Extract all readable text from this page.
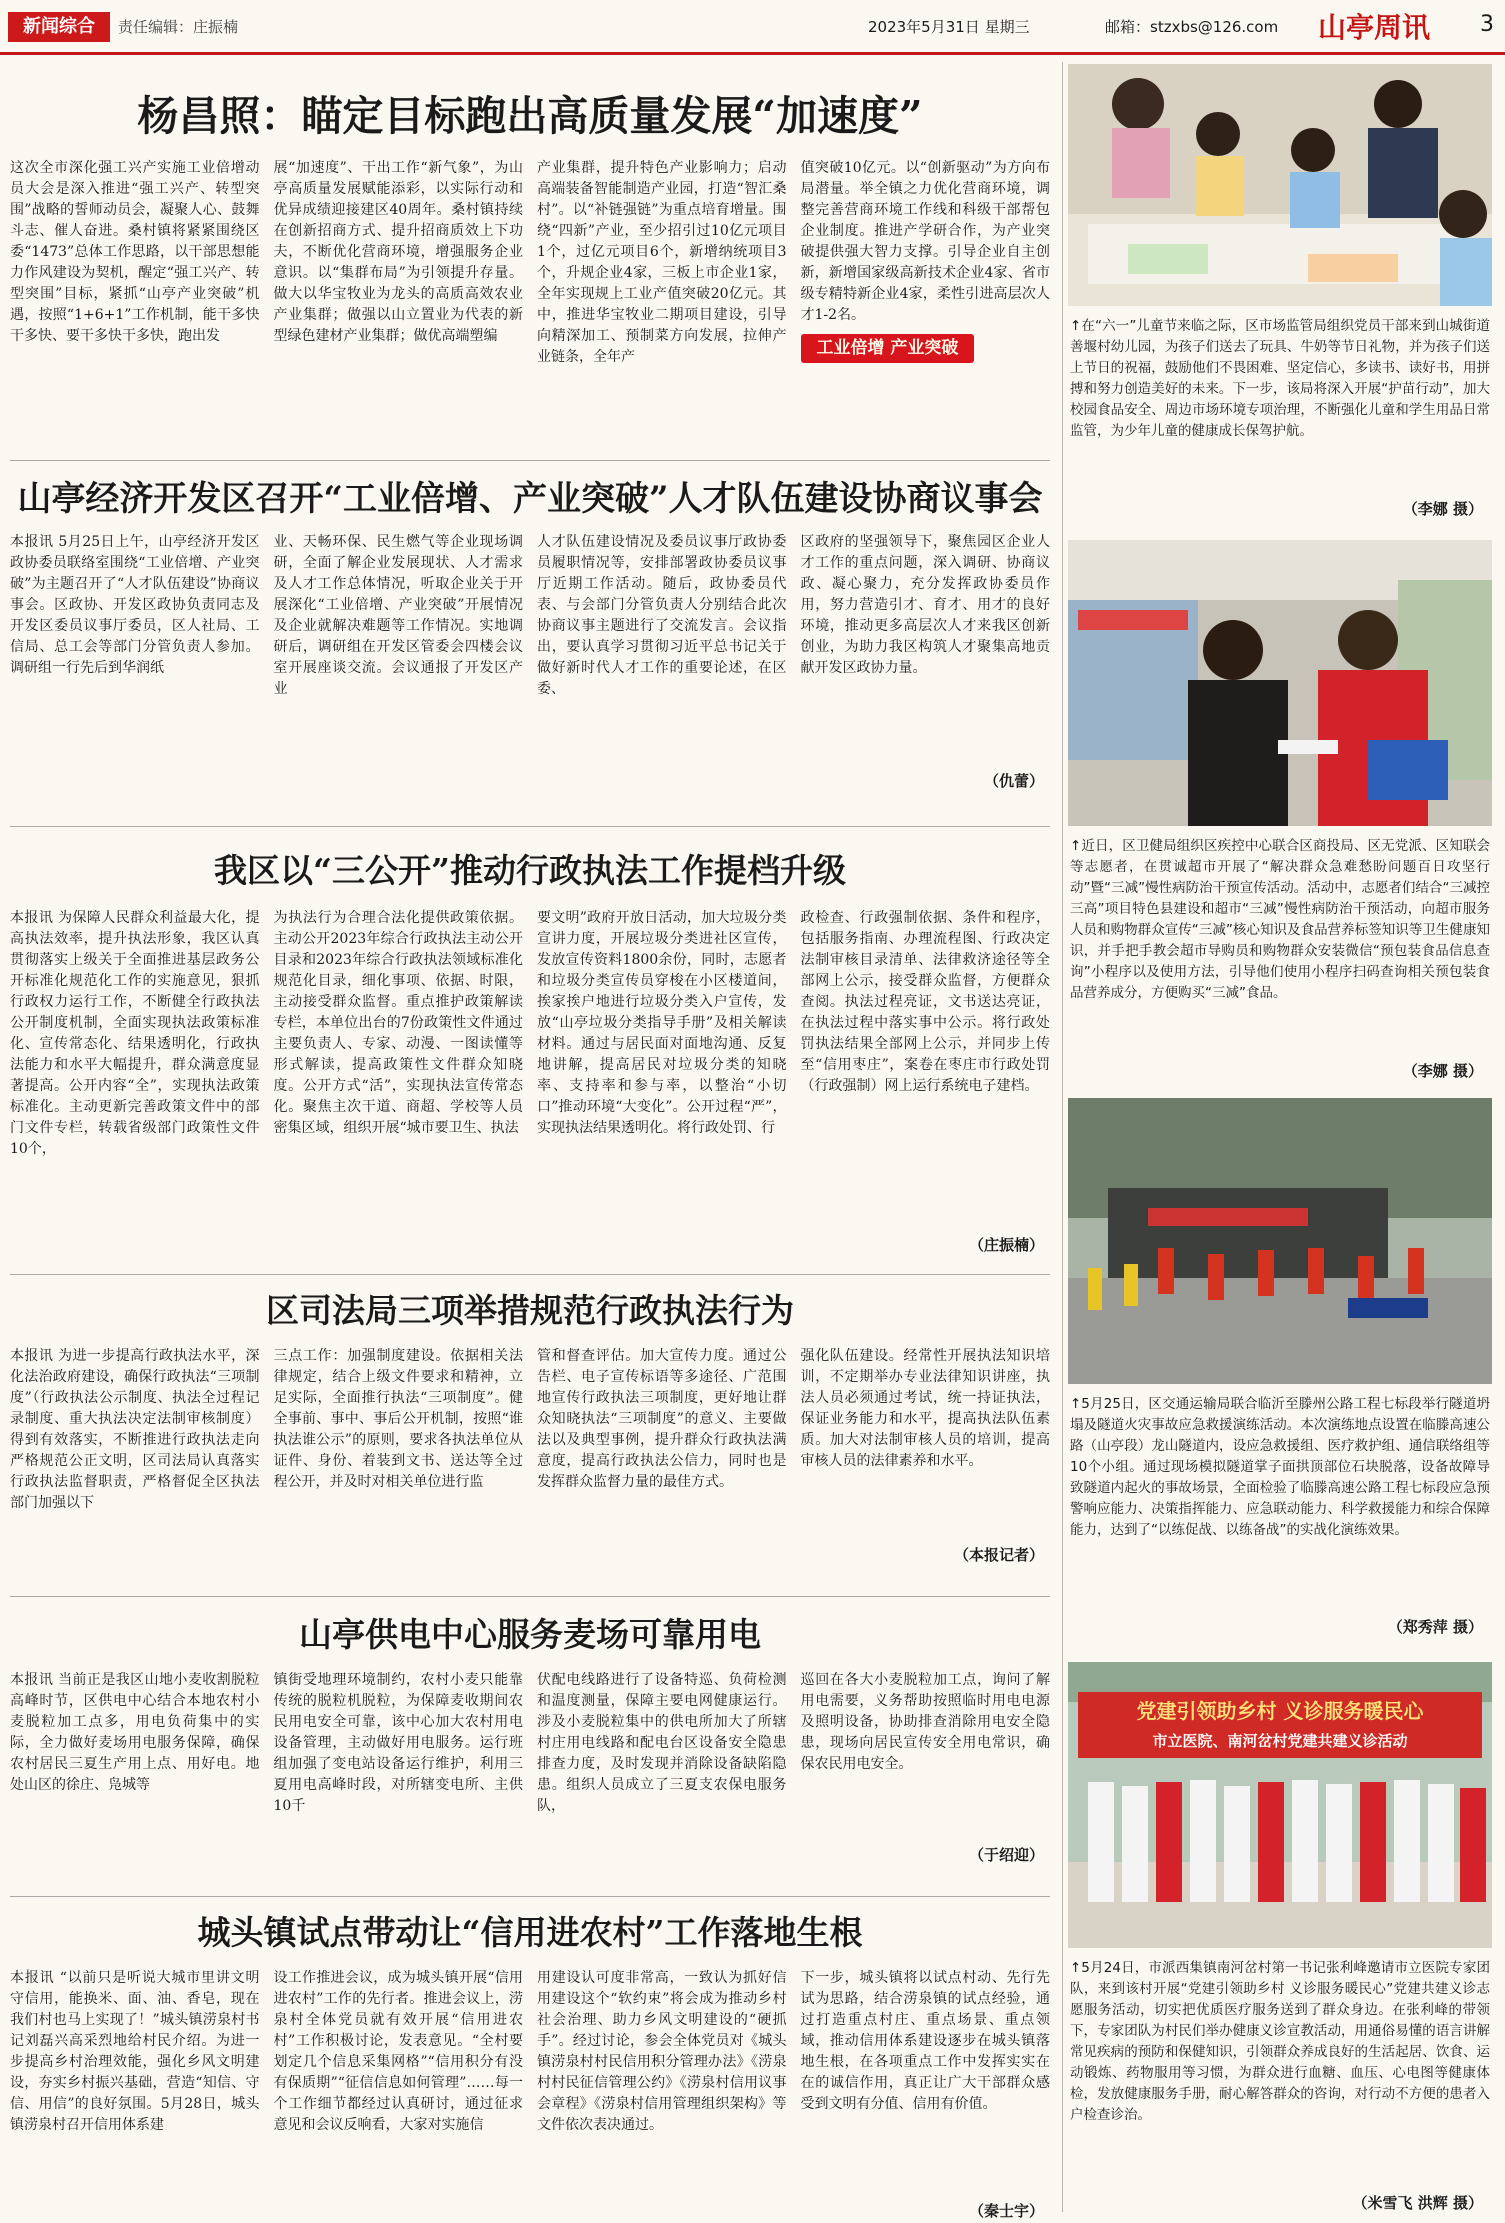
新闻综合	责任编辑：庄振楠	2023年5月31日 星期三	邮箱：stzxbs@126.com 山亭周讯 3
杨昌照：瞄定目标跑出高质量发展“加速度”
这次全市深化强工兴产实施工业倍增动员大会是深入推进“强工兴产、转型突围”战略的誓师动员会，凝聚人心、鼓舞斗志、催人奋进。桑村镇将紧紧围绕区委“1473”总体工作思路，以干部思想能力作风建设为契机，醒定“强工兴产、转型突围”目标，紧抓“山亭产业突破”机遇，按照“1+6+1”工作机制，能干多快干多快、要干多快干多快，跑出发
展“加速度”、干出工作“新气象”，为山亭高质量发展赋能添彩，以实际行动和优异成绩迎接建区40周年。桑村镇持续在创新招商方式、提升招商质效上下功夫，不断优化营商环境，增强服务企业意识。以“集群布局”为引领提升存量。做大以华宝牧业为龙头的高质高效农业产业集群；做强以山立置业为代表的新型绿色建材产业集群；做优高端塑编
产业集群，提升特色产业影响力；启动高端装备智能制造产业园，打造“智汇桑村”。以“补链强链”为重点培育增量。围绕“四新”产业，至少招引过10亿元项目1个，过亿元项目6个，新增纳统项目3个，升规企业4家，三板上市企业1家，全年实现规上工业产值突破20亿元。其中，推进华宝牧业二期项目建设，引导向精深加工、预制菜方向发展，拉伸产业链条，全年产
值突破10亿元。以“创新驱动”为方向布局潜量。举全镇之力优化营商环境，调整完善营商环境工作线和科级干部帮包企业制度。推进产学研合作，为产业突破提供强大智力支撑。引导企业自主创新，新增国家级高新技术企业4家、省市级专精特新企业4家，柔性引进高层次人才1-2名。
工业倍增 产业突破
山亭经济开发区召开“工业倍增、产业突破”人才队伍建设协商议事会
本报讯 5月25日上午，山亭经济开发区政协委员联络室围绕“工业倍增、产业突破”为主题召开了“人才队伍建设”协商议事会。区政协、开发区政协负责同志及开发区委员议事厅委员，区人社局、工信局、总工会等部门分管负责人参加。调研组一行先后到华润纸
业、天畅环保、民生燃气等企业现场调研，全面了解企业发展现状、人才需求及人才工作总体情况，听取企业关于开展深化“工业倍增、产业突破”开展情况及企业就解决难题等工作情况。实地调研后，调研组在开发区管委会四楼会议室开展座谈交流。会议通报了开发区产业
人才队伍建设情况及委员议事厅政协委员履职情况等，安排部署政协委员议事厅近期工作活动。随后，政协委员代表、与会部门分管负责人分别结合此次协商议事主题进行了交流发言。会议指出，要认真学习贯彻习近平总书记关于做好新时代人才工作的重要论述，在区委、
区政府的坚强领导下，聚焦园区企业人才工作的重点问题，深入调研、协商议政、凝心聚力，充分发挥政协委员作用，努力营造引才、育才、用才的良好环境，推动更多高层次人才来我区创新创业，为助力我区构筑人才聚集高地贡献开发区政协力量。
（仇蕾）
我区以“三公开”推动行政执法工作提档升级
本报讯 为保障人民群众利益最大化，提高执法效率，提升执法形象，我区认真贯彻落实上级关于全面推进基层政务公开标准化规范化工作的实施意见，狠抓行政权力运行工作，不断健全行政执法公开制度机制，全面实现执法政策标准化、宣传常态化、结果透明化，行政执法能力和水平大幅提升，群众满意度显著提高。公开内容“全”，实现执法政策标准化。主动更新完善政策文件中的部门文件专栏，转载省级部门政策性文件10个，
为执法行为合理合法化提供政策依据。主动公开2023年综合行政执法主动公开目录和2023年综合行政执法领域标准化规范化目录，细化事项、依据、时限，主动接受群众监督。重点推护政策解读专栏，本单位出台的7份政策性文件通过主要负责人、专家、动漫、一图读懂等形式解读，提高政策性文件群众知晓度。公开方式“活”，实现执法宣传常态化。聚焦主次干道、商超、学校等人员密集区域，组织开展“城市要卫生、执法
要文明”政府开放日活动，加大垃圾分类宣讲力度，开展垃圾分类进社区宣传，发放宣传资料1800余份，同时，志愿者和垃圾分类宣传员穿梭在小区楼道间，挨家挨户地进行垃圾分类入户宣传，发放“山亭垃圾分类指导手册”及相关解读材料。通过与居民面对面地沟通、反复地讲解，提高居民对垃圾分类的知晓率、支持率和参与率，以整治“小切口”推动环境“大变化”。公开过程“严”，实现执法结果透明化。将行政处罚、行
政检查、行政强制依据、条件和程序，包括服务指南、办理流程图、行政决定法制审核目录清单、法律救济途径等全部网上公示，接受群众监督，方便群众查阅。执法过程亮证，文书送达亮证，在执法过程中落实事中公示。将行政处罚执法结果全部网上公示，并同步上传至“信用枣庄”，案卷在枣庄市行政处罚（行政强制）网上运行系统电子建档。
（庄振楠）
区司法局三项举措规范行政执法行为
本报讯 为进一步提高行政执法水平，深化法治政府建设，确保行政执法“三项制度”（行政执法公示制度、执法全过程记录制度、重大执法决定法制审核制度）得到有效落实，不断推进行政执法走向严格规范公正文明，区司法局认真落实行政执法监督职责，严格督促全区执法部门加强以下
三点工作：加强制度建设。依据相关法律规定，结合上级文件要求和精神，立足实际，全面推行执法“三项制度”。健全事前、事中、事后公开机制，按照“谁执法谁公示”的原则，要求各执法单位从证件、身份、着装到文书、送达等全过程公开，并及时对相关单位进行监
管和督查评估。加大宣传力度。通过公告栏、电子宣传标语等多途径、广范围地宣传行政执法三项制度，更好地让群众知晓执法“三项制度”的意义、主要做法以及典型事例，提升群众行政执法满意度，提高行政执法公信力，同时也是发挥群众监督力量的最佳方式。
强化队伍建设。经常性开展执法知识培训，不定期举办专业法律知识讲座，执法人员必须通过考试，统一持证执法，保证业务能力和水平，提高执法队伍素质。加大对法制审核人员的培训，提高审核人员的法律素养和水平。
（本报记者）
山亭供电中心服务麦场可靠用电
本报讯 当前正是我区山地小麦收割脱粒高峰时节，区供电中心结合本地农村小麦脱粒加工点多，用电负荷集中的实际，全力做好麦场用电服务保障，确保农村居民三夏生产用上点、用好电。地处山区的徐庄、凫城等
镇街受地理环境制约，农村小麦只能靠传统的脱粒机脱粒，为保障麦收期间农民用电安全可靠，该中心加大农村用电设备管理，主动做好用电服务。运行班组加强了变电站设备运行维护，利用三夏用电高峰时段，对所辖变电所、主供10千
伏配电线路进行了设备特巡、负荷检测和温度测量，保障主要电网健康运行。涉及小麦脱粒集中的供电所加大了所辖村庄用电线路和配电台区设备安全隐患排查力度，及时发现并消除设备缺陷隐患。组织人员成立了三夏支农保电服务队，
巡回在各大小麦脱粒加工点，询问了解用电需要，义务帮助按照临时用电电源及照明设备，协助排查消除用电安全隐患，现场向居民宣传安全用电常识，确保农民用电安全。
（于绍迎）
城头镇试点带动让“信用进农村”工作落地生根
本报讯 “以前只是听说大城市里讲文明守信用，能换米、面、油、香皂，现在我们村也马上实现了！”城头镇涝泉村书记刘磊兴高采烈地给村民介绍。为进一步提高乡村治理效能，强化乡风文明建设，夯实乡村振兴基础，营造“知信、守信、用信”的良好氛围。5月28日，城头镇涝泉村召开信用体系建
设工作推进会议，成为城头镇开展“信用进农村”工作的先行者。推进会议上，涝泉村全体党员就有效开展“信用进农村”工作积极讨论，发表意见。“全村要划定几个信息采集网格”“信用积分有没有保质期”“征信信息如何管理”……每一个工作细节都经过认真研讨，通过征求意见和会议反响看，大家对实施信
用建设认可度非常高，一致认为抓好信用建设这个“软约束”将会成为推动乡村社会治理、助力乡风文明建设的“硬抓手”。经过讨论，参会全体党员对《城头镇涝泉村村民信用积分管理办法》《涝泉村村民征信管理公约》《涝泉村信用议事会章程》《涝泉村信用管理组织架构》等文件依次表决通过。
下一步，城头镇将以试点村动、先行先试为思路，结合涝泉镇的试点经验，通过打造重点村庄、重点场景、重点领域，推动信用体系建设逐步在城头镇落地生根，在各项重点工作中发挥实实在在的诚信作用，真正让广大干部群众感受到文明有分值、信用有价值。
（秦士宇）
↑在“六一”儿童节来临之际，区市场监管局组织党员干部来到山城街道善堰村幼儿园，为孩子们送去了玩具、牛奶等节日礼物，并为孩子们送上节日的祝福，鼓励他们不畏困难、坚定信心，多读书、读好书，用拼搏和努力创造美好的未来。下一步，该局将深入开展“护苗行动”，加大校园食品安全、周边市场环境专项治理，不断强化儿童和学生用品日常监管，为少年儿童的健康成长保驾护航。
（李娜 摄）
↑近日，区卫健局组织区疾控中心联合区商投局、区无党派、区知联会等志愿者，在贯诚超市开展了“解决群众急难愁盼问题百日攻坚行动”暨“三减”慢性病防治干预宣传活动。活动中，志愿者们结合“三减控三高”项目特色县建设和超市“三减”慢性病防治干预活动，向超市服务人员和购物群众宣传“三减”核心知识及食品营养标签知识等卫生健康知识，并手把手教会超市导购员和购物群众安装微信“预包装食品信息查询”小程序以及使用方法，引导他们使用小程序扫码查询相关预包装食品营养成分，方便购买“三减”食品。
（李娜 摄）
↑5月25日，区交通运输局联合临沂至滕州公路工程七标段举行隧道坍塌及隧道火灾事故应急救援演练活动。本次演练地点设置在临滕高速公路（山亭段）龙山隧道内，设应急救援组、医疗救护组、通信联络组等10个小组。通过现场模拟隧道掌子面拱顶部位石块脱落，设备故障导致隧道内起火的事故场景，全面检验了临滕高速公路工程七标段应急预警响应能力、决策指挥能力、应急联动能力、科学救援能力和综合保障能力，达到了“以练促战、以练备战”的实战化演练效果。
（郑秀萍 摄）
党建引领助乡村 义诊服务暖民心
市立医院、南河岔村党建共建义诊活动
↑5月24日，市派西集镇南河岔村第一书记张利峰邀请市立医院专家团队，来到该村开展“党建引领助乡村 义诊服务暖民心”党建共建义诊志愿服务活动，切实把优质医疗服务送到了群众身边。在张利峰的带领下，专家团队为村民们举办健康义诊宣教活动，用通俗易懂的语言讲解常见疾病的预防和保健知识，引领群众养成良好的生活起居、饮食、运动锻炼、药物服用等习惯，为群众进行血糖、血压、心电图等健康体检，发放健康服务手册，耐心解答群众的咨询，对行动不方便的患者入户检查诊治。
（米雪飞 洪辉 摄）
